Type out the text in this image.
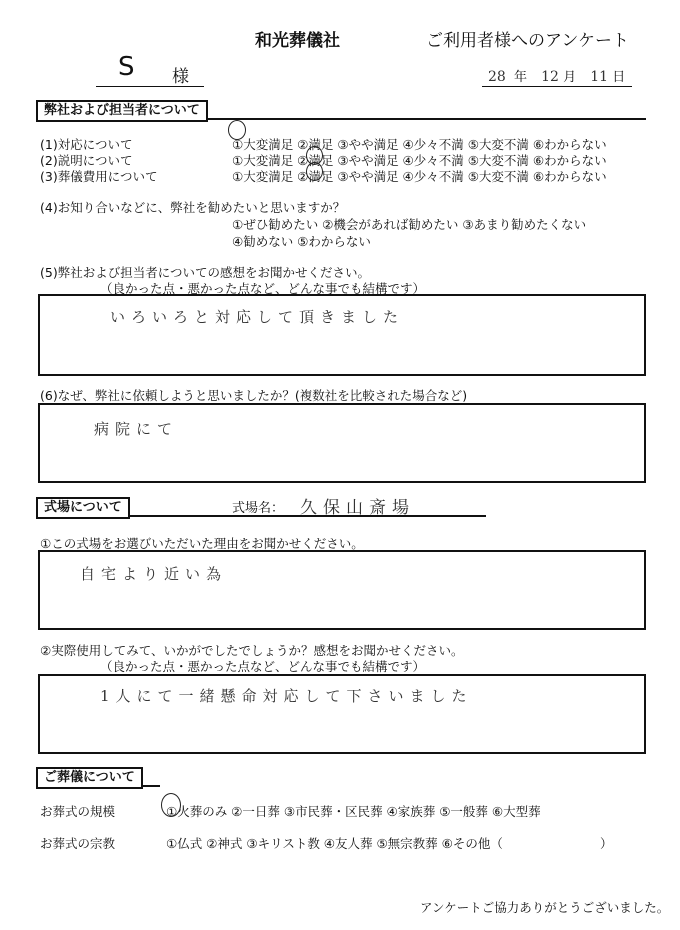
和光葬儀社	ご利用者様へのアンケート
S 様	28 年 12 月 11 日
弊社および担当者について
(1)対応について	①大変満足 ②満足 ③やや満足 ④少々不満 ⑤大変不満 ⑥わからない
(2)説明について	①大変満足 ②満足 ③やや満足 ④少々不満 ⑤大変不満 ⑥わからない
(3)葬儀費用について	①大変満足 ②満足 ③やや満足 ④少々不満 ⑤大変不満 ⑥わからない
(4)お知り合いなどに、弊社を勧めたいと思いますか？
①ぜひ勧めたい ②機会があれば勧めたい ③あまり勧めたくない
④勧めない ⑤わからない
(5)弊社および担当者についての感想をお聞かせください。
（良かった点・悪かった点など、どんな事でも結構です）
いろいろと対応して頂きました
(6)なぜ、弊社に依頼しようと思いましたか？(複数社を比較された場合など)
病院にて
式場について	式場名： 久保山斎場
①この式場をお選びいただいた理由をお聞かせください。
自宅より近い為
②実際使用してみて、いかがでしたでしょうか？感想をお聞かせください。
（良かった点・悪かった点など、どんな事でも結構です）
1人にて一緒懸命対応して下さいました
ご葬儀について
お葬式の規模	①火葬のみ ②一日葬 ③市民葬・区民葬 ④家族葬 ⑤一般葬 ⑥大型葬
お葬式の宗教	①仏式 ②神式 ③キリスト教 ④友人葬 ⑤無宗教葬 ⑥その他（	）
アンケートご協力ありがとうございました。
